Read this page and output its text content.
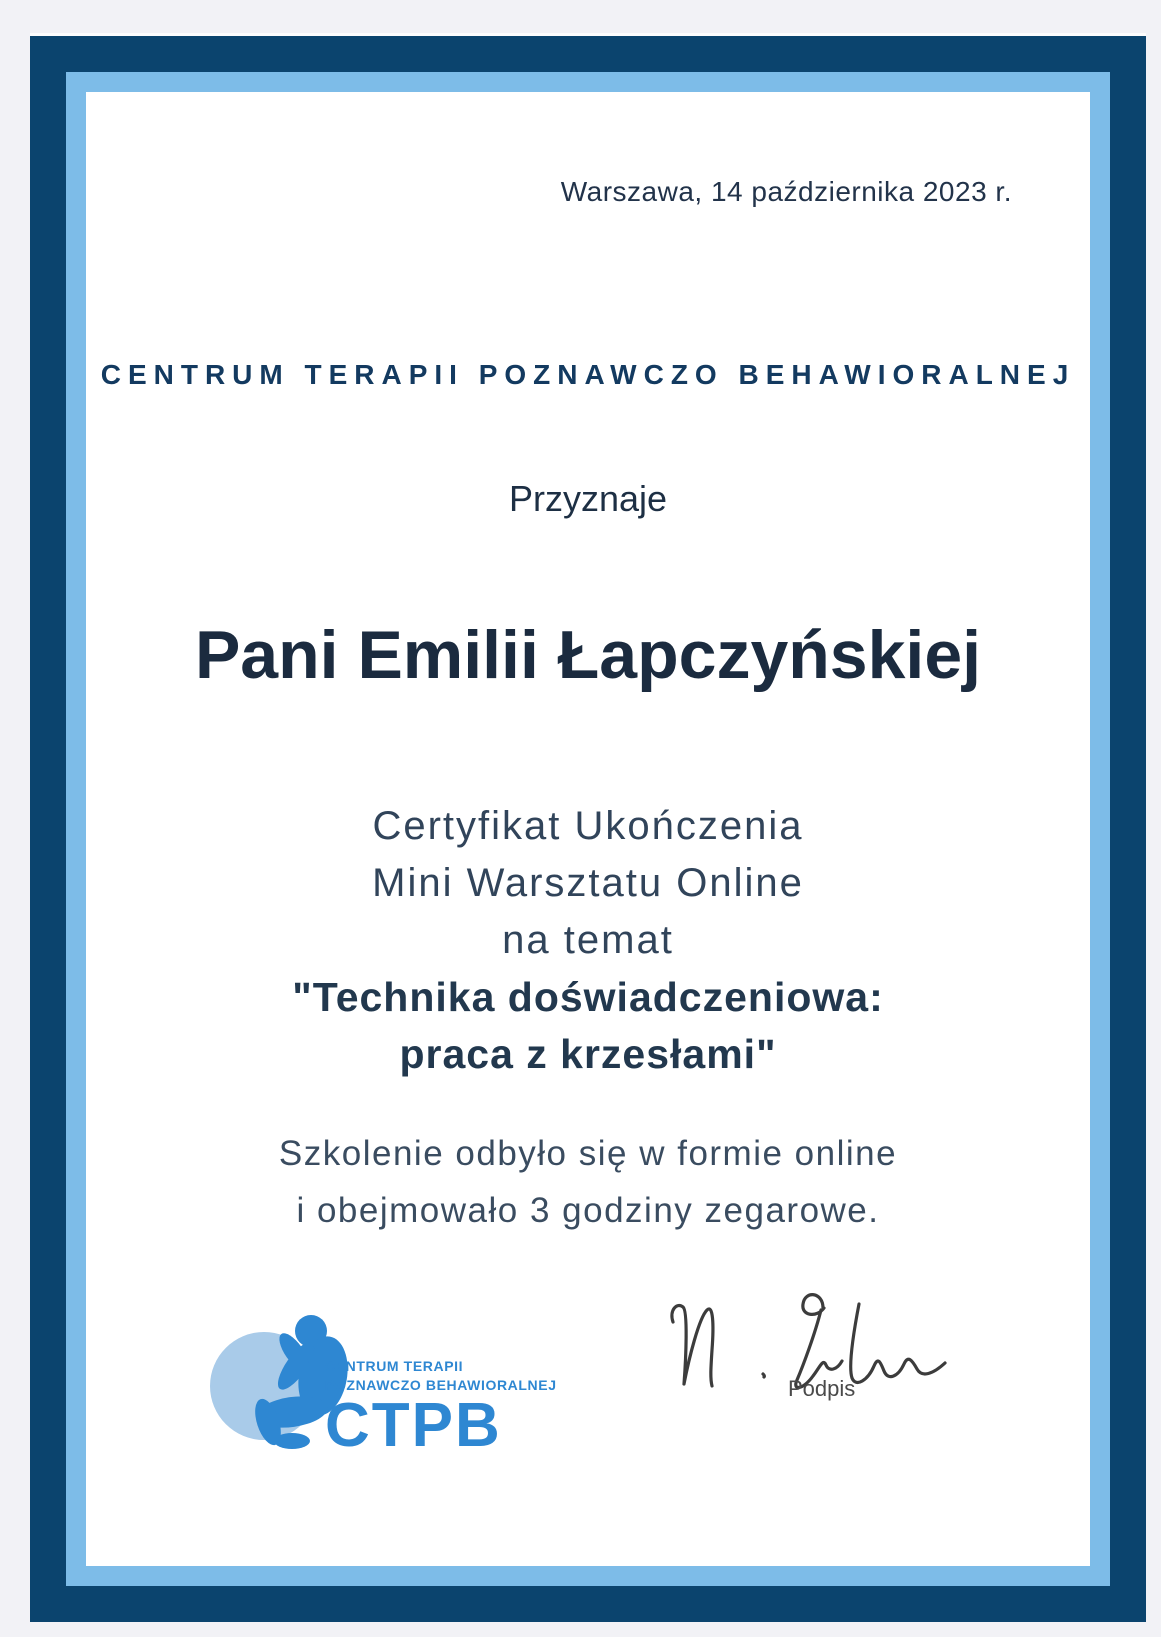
Warszawa, 14 października 2023 r.
CENTRUM TERAPII POZNAWCZO BEHAWIORALNEJ
Przyznaje
Pani Emilii Łapczyńskiej
Certyfikat Ukończenia
Mini Warsztatu Online
na temat
"Technika doświadczeniowa:
praca z krzesłami"
Szkolenie odbyło się w formie online
i obejmowało 3 godziny zegarowe.
CENTRUM TERAPII
POZNAWCZO BEHAWIORALNEJ
CTPB
Podpis
